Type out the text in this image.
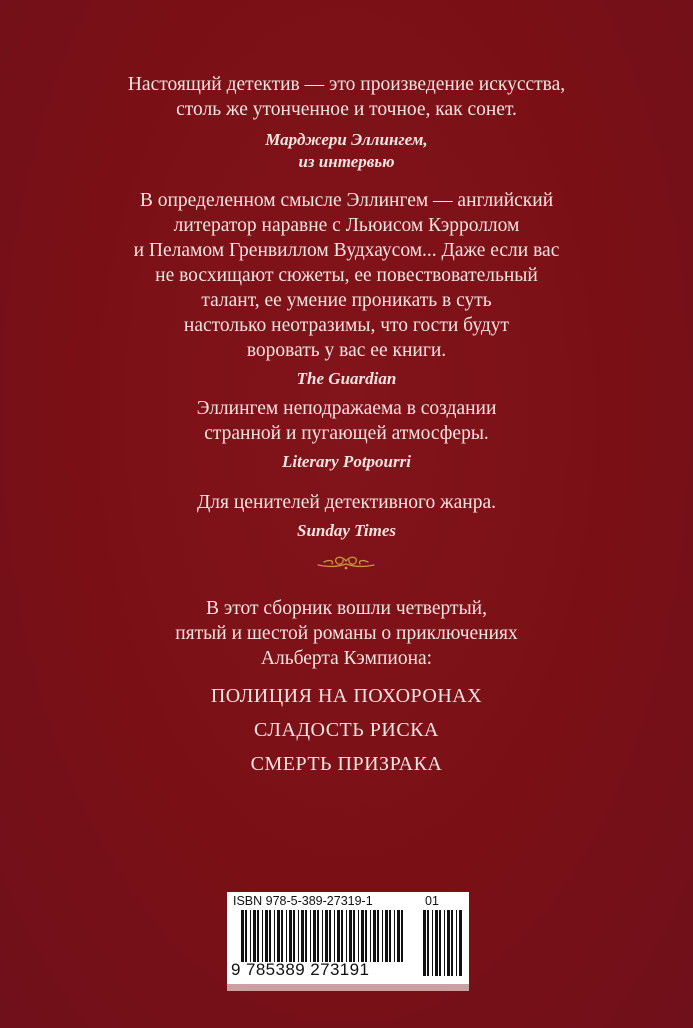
Настоящий детектив — это произведение искусства,
столь же утонченное и точное, как сонет.
Марджери Эллингем,
из интервью
В определенном смысле Эллингем — английский
литератор наравне с Льюисом Кэрроллом
и Пеламом Гренвиллом Вудхаусом... Даже если вас
не восхищают сюжеты, ее повествовательный
талант, ее умение проникать в суть
настолько неотразимы, что гости будут
воровать у вас ее книги.
The Guardian
Эллингем неподражаема в создании
странной и пугающей атмосферы.
Literary Potpourri
Для ценителей детективного жанра.
Sunday Times
В этот сборник вошли четвертый,
пятый и шестой романы о приключениях
Альберта Кэмпиона:
ПОЛИЦИЯ НА ПОХОРОНАХ
СЛАДОСТЬ РИСКА
СМЕРТЬ ПРИЗРАКА
ISBN 978-5-389-27319-1	01
9 785389 273191
